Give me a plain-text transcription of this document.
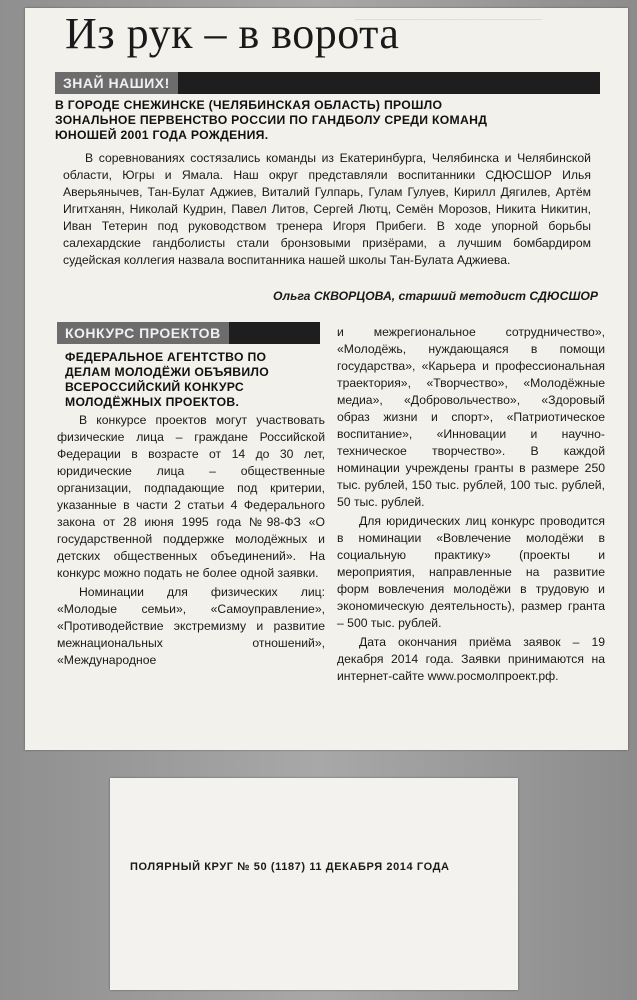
────────────────────────
Из рук – в ворота
ЗНАЙ НАШИХ!
В ГОРОДЕ СНЕЖИНСКЕ (ЧЕЛЯБИНСКАЯ ОБЛАСТЬ) ПРОШЛО ЗОНАЛЬНОЕ ПЕРВЕНСТВО РОССИИ ПО ГАНДБОЛУ СРЕДИ КОМАНД ЮНОШЕЙ 2001 ГОДА РОЖДЕНИЯ.

В соревнованиях состязались команды из Екатеринбурга, Челябинска и Челябинской области, Югры и Ямала. Наш округ представляли воспитанники СДЮСШОР Илья Аверьянычев, Тан-Булат Аджиев, Виталий Гулпарь, Гулам Гулуев, Кирилл Дягилев, Артём Игитханян, Николай Кудрин, Павел Литов, Сергей Лютц, Семён Морозов, Никита Никитин, Иван Тетерин под руководством тренера Игоря Прибеги. В ходе упорной борьбы салехардские гандболисты стали бронзовыми призёрами, а лучшим бомбардиром судейская коллегия назвала воспитанника нашей школы Тан-Булата Аджиева.

Ольга СКВОРЦОВА, старший методист СДЮСШОР
КОНКУРС ПРОЕКТОВ
ФЕДЕРАЛЬНОЕ АГЕНТСТВО ПО ДЕЛАМ МОЛОДЁЖИ ОБЪЯВИЛО ВСЕРОССИЙСКИЙ КОНКУРС МОЛОДЁЖНЫХ ПРОЕКТОВ.

В конкурсе проектов могут участвовать физические лица – граждане Российской Федерации в возрасте от 14 до 30 лет, юридические лица – общественные организации, подпадающие под критерии, указанные в части 2 статьи 4 Федерального закона от 28 июня 1995 года №98-ФЗ «О государственной поддержке молодёжных и детских общественных объединений». На конкурс можно подать не более одной заявки.

Номинации для физических лиц: «Молодые семьи», «Самоуправление», «Противодействие экстремизму и развитие межнациональных отношений», «Международное

и межрегиональное сотрудничество», «Молодёжь, нуждающаяся в помощи государства», «Карьера и профессиональная траектория», «Творчество», «Молодёжные медиа», «Добровольчество», «Здоровый образ жизни и спорт», «Патриотическое воспитание», «Инновации и научно-техническое творчество». В каждой номинации учреждены гранты в размере 250 тыс. рублей, 150 тыс. рублей, 100 тыс. рублей, 50 тыс. рублей.

Для юридических лиц конкурс проводится в номинации «Вовлечение молодёжи в социальную практику» (проекты и мероприятия, направленные на развитие форм вовлечения молодёжи в трудовую и экономическую деятельность), размер гранта – 500 тыс. рублей.

Дата окончания приёма заявок – 19 декабря 2014 года. Заявки принимаются на интернет-сайте www.росмолпроект.рф.

ПОЛЯРНЫЙ КРУГ № 50 (1187) 11 ДЕКАБРЯ 2014 ГОДА
